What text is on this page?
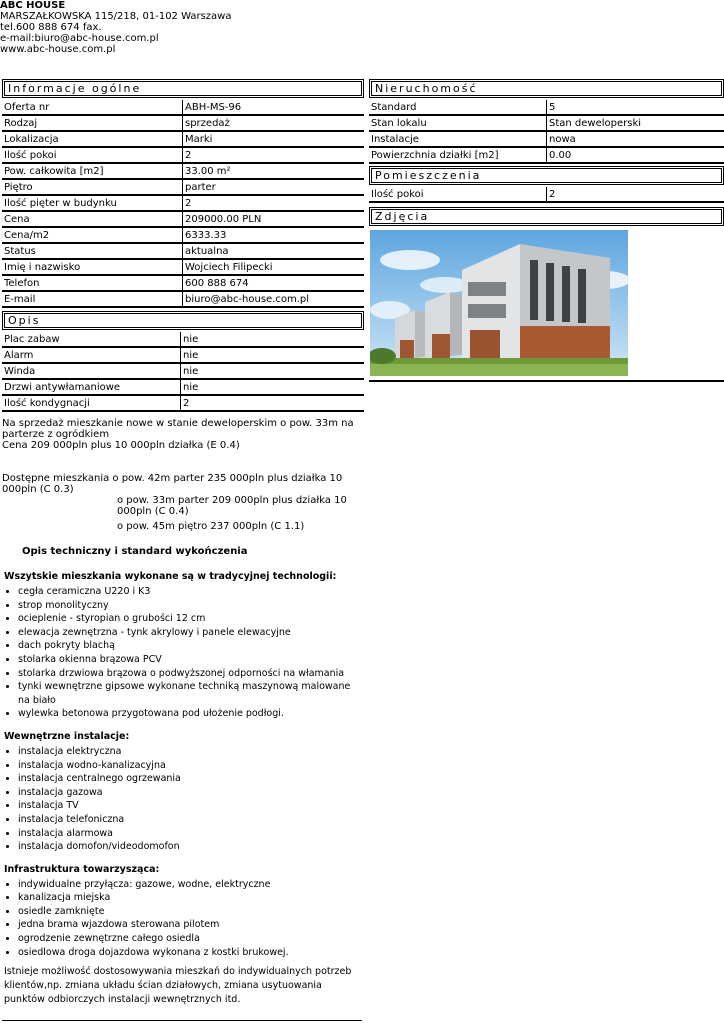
ABC HOUSE
MARSZAŁKOWSKA 115/218, 01-102 Warszawa
tel.600 888 674 fax.
e-mail:biuro@abc-house.com.pl
www.abc-house.com.pl
Informacje ogólne
Oferta nr	ABH-MS-96
Rodzaj	sprzedaż
Lokalizacja	Marki
Ilość pokoi	2
Pow. całkowita [m2]	33.00 m²
Piętro	parter
Ilość pięter w budynku	2
Cena	209000.00 PLN
Cena/m2	6333.33
Status	aktualna
Imię i nazwisko	Wojciech Filipecki
Telefon	600 888 674
E-mail	biuro@abc-house.com.pl
Opis
Plac zabaw	nie
Alarm	nie
Winda	nie
Drzwi antywłamaniowe	nie
Ilość kondygnacji	2

Na sprzedaż mieszkanie nowe w stanie deweloperskim o pow. 33m na parterze z ogródkiem

Cena 209 000pln plus 10 000pln działka (E 0.4)

Dostępne mieszkania o pow. 42m parter 235 000pln plus działka 10 000pln (C 0.3)

o pow. 33m parter 209 000pln plus działka 10 000pln (C 0.4)

o pow. 45m piętro 237 000pln (C 1.1)

Opis techniczny i standard wykończenia
Wszytskie mieszkania wykonane są w tradycyjnej technologii:
• cegła ceramiczna U220 i K3
• strop monolityczny
• ocieplenie - styropian o grubości 12 cm
• elewacja zewnętrzna - tynk akrylowy i panele elewacyjne
• dach pokryty blachą
• stolarka okienna brązowa PCV
• stolarka drzwiowa brązowa o podwyższonej odporności na włamania
• tynki wewnętrzne gipsowe wykonane techniką maszynową malowane na biało
• wylewka betonowa przygotowana pod ułożenie podłogi.
Wewnętrzne instalacje:
• instalacja elektryczna
• instalacja wodno-kanalizacyjna
• instalacja centralnego ogrzewania
• instalacja gazowa
• instalacja TV
• instalacja telefoniczna
• instalacja alarmowa
• instalacja domofon/videodomofon
Infrastruktura towarzysząca:
• indywidualne przyłącza: gazowe, wodne, elektryczne
• kanalizacja miejska
• osiedle zamknięte
• jedna brama wjazdowa sterowana pilotem
• ogrodzenie zewnętrzne całego osiedla
• osiedlowa droga dojazdowa wykonana z kostki brukowej.
Istnieje możliwość dostosowywania mieszkań do indywidualnych potrzeb klientów,np. zmiana układu ścian działowych, zmiana usytuowania punktów odbiorczych instalacji wewnętrznych itd.
Nieruchomość
Standard	5
Stan lokalu	Stan deweloperski
Instalacje	nowa
Powierzchnia działki [m2]	0.00
Pomieszczenia
Ilość pokoi	2
Zdjęcia
